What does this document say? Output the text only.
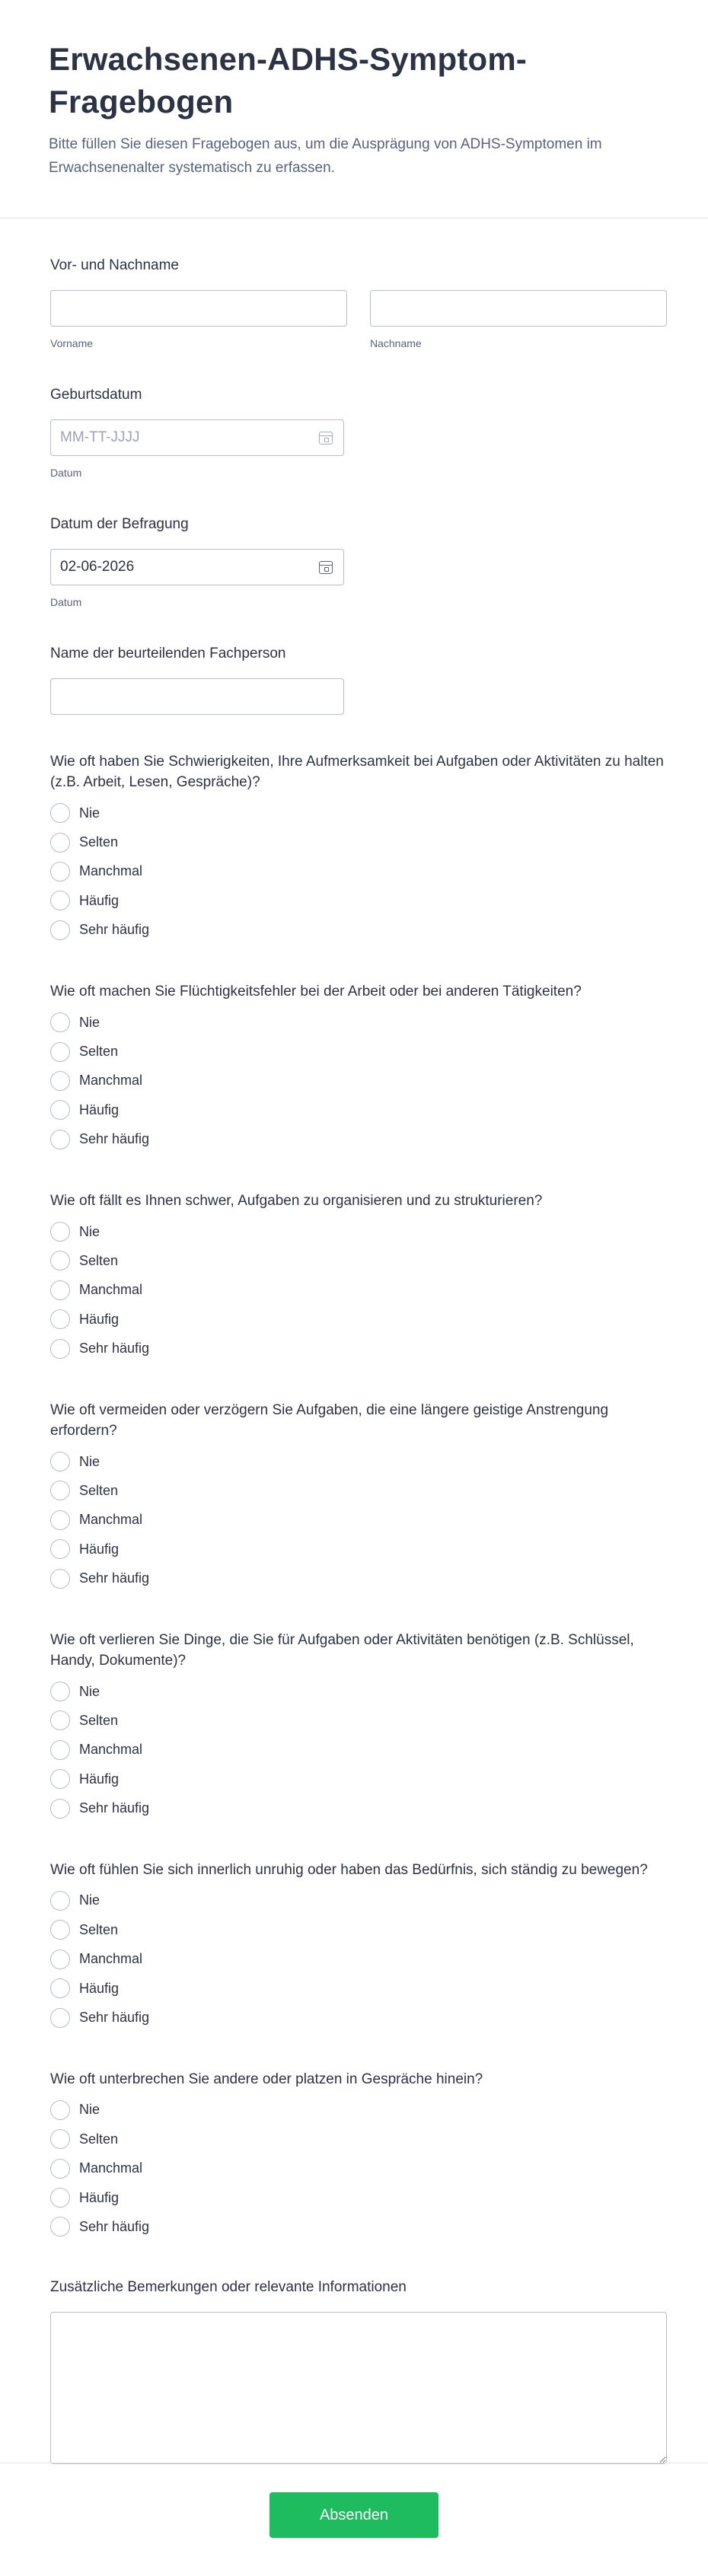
Erwachsenen-ADHS-Symptom-Fragebogen

Bitte füllen Sie diesen Fragebogen aus, um die Ausprägung von ADHS-Symptomen im Erwachsenenalter systematisch zu erfassen.

Vor- und Nachname
Vorname	Nachname
Geburtsdatum
MM-TT-JJJJ
Datum
Datum der Befragung
02-06-2026
Datum
Name der beurteilenden Fachperson
Wie oft haben Sie Schwierigkeiten, Ihre Aufmerksamkeit bei Aufgaben oder Aktivitäten zu halten (z.B. Arbeit, Lesen, Gespräche)?
Nie
Selten
Manchmal
Häufig
Sehr häufig
Wie oft machen Sie Flüchtigkeitsfehler bei der Arbeit oder bei anderen Tätigkeiten?
Nie
Selten
Manchmal
Häufig
Sehr häufig
Wie oft fällt es Ihnen schwer, Aufgaben zu organisieren und zu strukturieren?
Nie
Selten
Manchmal
Häufig
Sehr häufig
Wie oft vermeiden oder verzögern Sie Aufgaben, die eine längere geistige Anstrengung erfordern?
Nie
Selten
Manchmal
Häufig
Sehr häufig
Wie oft verlieren Sie Dinge, die Sie für Aufgaben oder Aktivitäten benötigen (z.B. Schlüssel, Handy, Dokumente)?
Nie
Selten
Manchmal
Häufig
Sehr häufig
Wie oft fühlen Sie sich innerlich unruhig oder haben das Bedürfnis, sich ständig zu bewegen?
Nie
Selten
Manchmal
Häufig
Sehr häufig
Wie oft unterbrechen Sie andere oder platzen in Gespräche hinein?
Nie
Selten
Manchmal
Häufig
Sehr häufig
Zusätzliche Bemerkungen oder relevante Informationen
Absenden
